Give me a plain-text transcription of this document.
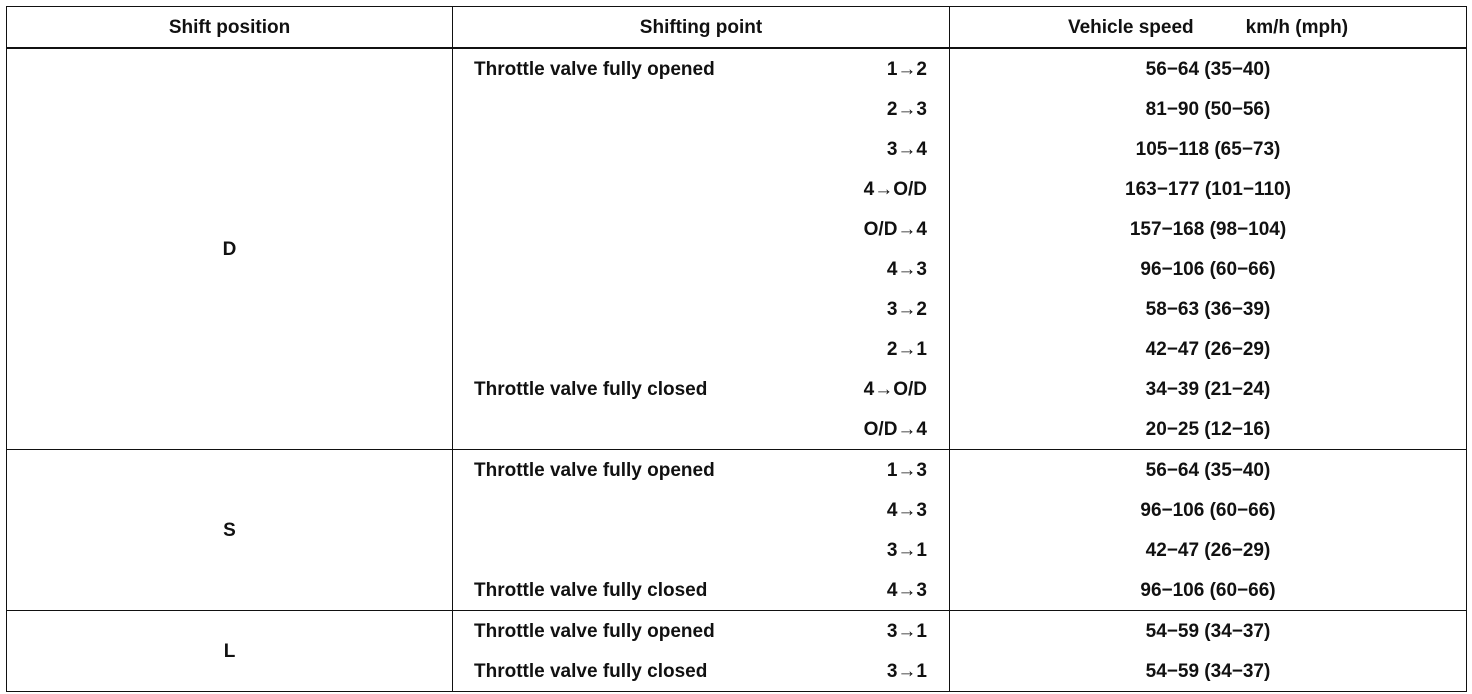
Shift position	Shifting point		Vehicle speed km/h (mph)
D	Throttle valve fully opened	1→2	56−64 (35−40)
		2→3	81−90 (50−56)
		3→4	105−118 (65−73)
		4→O/D	163−177 (101−110)
		O/D→4	157−168 (98−104)
		4→3	96−106 (60−66)
		3→2	58−63 (36−39)
		2→1	42−47 (26−29)
	Throttle valve fully closed	4→O/D	34−39 (21−24)
		O/D→4	20−25 (12−16)
S	Throttle valve fully opened	1→3	56−64 (35−40)
		4→3	96−106 (60−66)
		3→1	42−47 (26−29)
	Throttle valve fully closed	4→3	96−106 (60−66)
L	Throttle valve fully opened	3→1	54−59 (34−37)
	Throttle valve fully closed	3→1	54−59 (34−37)
